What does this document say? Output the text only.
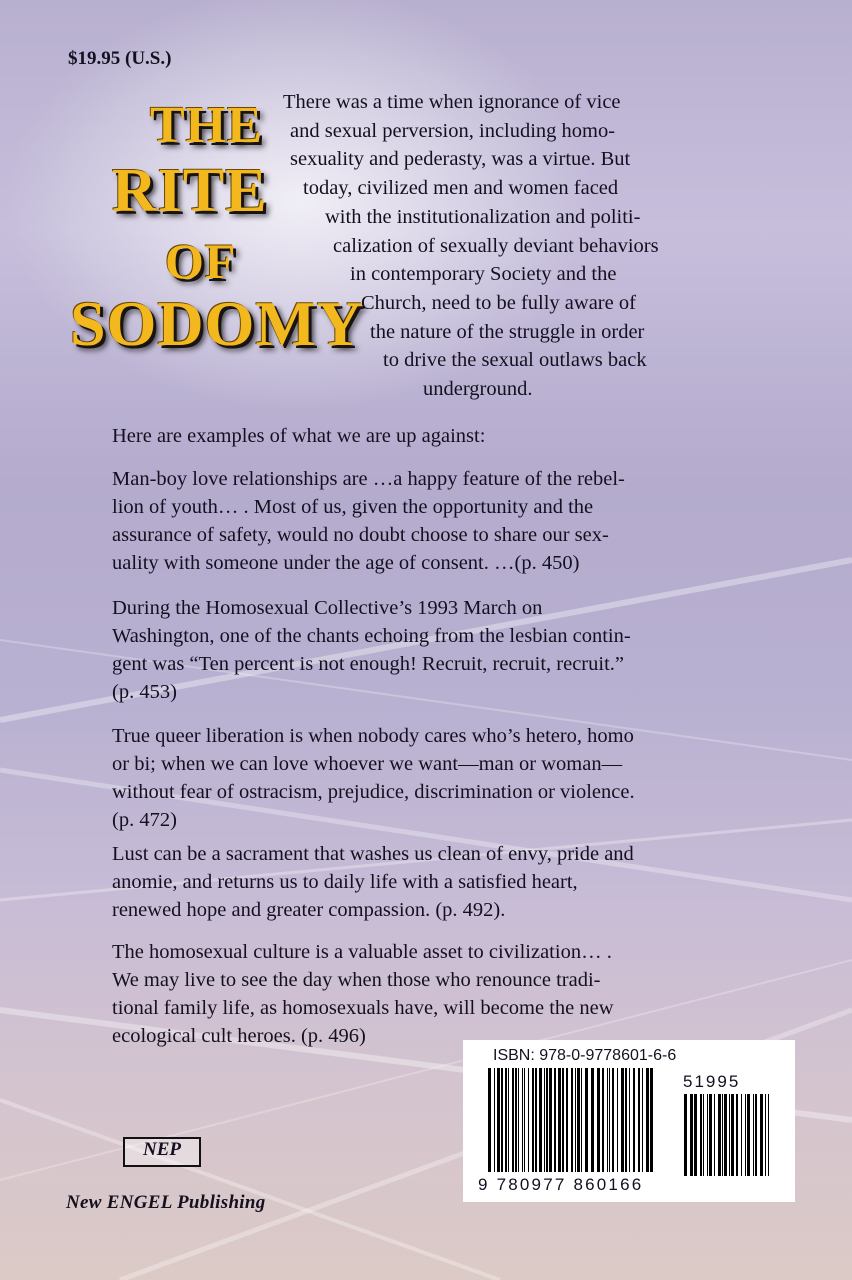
$19.95 (U.S.)
THE
RITE
OF
SODOMY
There was a time when ignorance of vice
and sexual perversion, including homo-
sexuality and pederasty, was a virtue. But
today, civilized men and women faced
with the institutionalization and politi-
calization of sexually deviant behaviors
in contemporary Society and the
Church, need to be fully aware of
the nature of the struggle in order
to drive the sexual outlaws back
underground.

Here are examples of what we are up against:

Man-boy love relationships are …a happy feature of the rebel-

lion of youth… . Most of us, given the opportunity and the

assurance of safety, would no doubt choose to share our sex-

uality with someone under the age of consent. …(p. 450)

During the Homosexual Collective’s 1993 March on

Washington, one of the chants echoing from the lesbian contin-

gent was “Ten percent is not enough! Recruit, recruit, recruit.”

(p. 453)

True queer liberation is when nobody cares who’s hetero, homo

or bi; when we can love whoever we want—man or woman—

without fear of ostracism, prejudice, discrimination or violence.

(p. 472)

Lust can be a sacrament that washes us clean of envy, pride and

anomie, and returns us to daily life with a satisfied heart,

renewed hope and greater compassion. (p. 492).

The homosexual culture is a valuable asset to civilization… .

We may live to see the day when those who renounce tradi-

tional family life, as homosexuals have, will become the new

ecological cult heroes. (p. 496)

ISBN: 978-0-9778601-6-6
51995
9 780977 860166
NEP
New ENGEL Publishing
